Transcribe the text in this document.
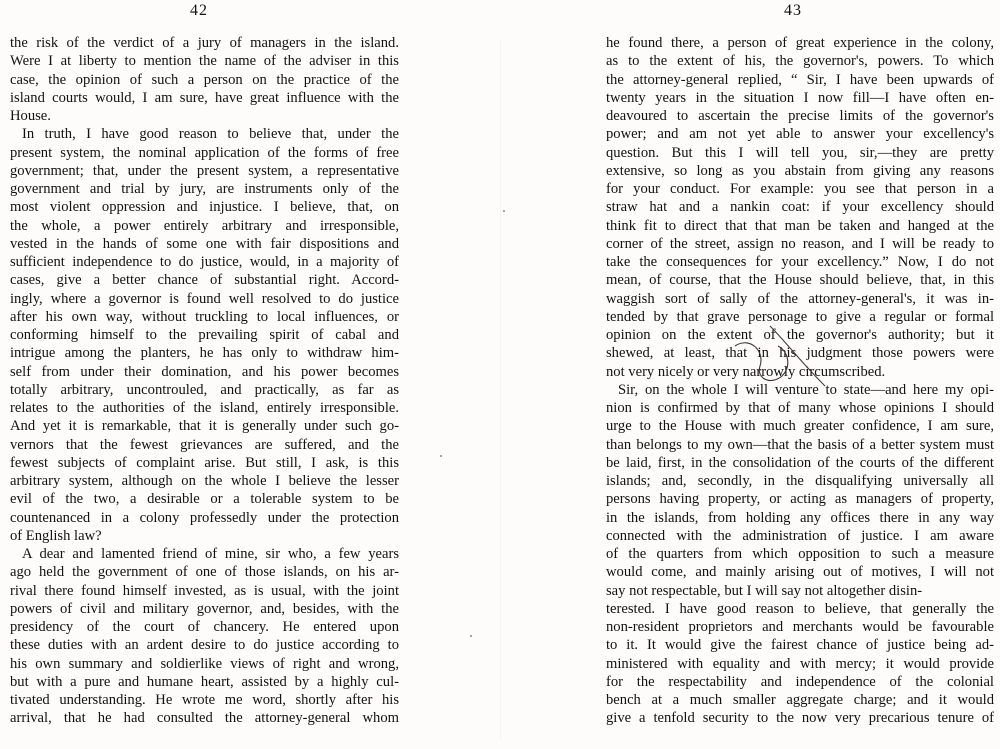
42
the risk of the verdict of a jury of managers in the island.
Were I at liberty to mention the name of the adviser in this
case, the opinion of such a person on the practice of the
island courts would, I am sure, have great influence with the
House.
In truth, I have good reason to believe that, under the
present system, the nominal application of the forms of free
government; that, under the present system, a representative
government and trial by jury, are instruments only of the
most violent oppression and injustice. I believe, that, on
the whole, a power entirely arbitrary and irresponsible,
vested in the hands of some one with fair dispositions and
sufficient independence to do justice, would, in a majority of
cases, give a better chance of substantial right. Accord-
ingly, where a governor is found well resolved to do justice
after his own way, without truckling to local influences, or
conforming himself to the prevailing spirit of cabal and
intrigue among the planters, he has only to withdraw him-
self from under their domination, and his power becomes
totally arbitrary, uncontrouled, and practically, as far as
relates to the authorities of the island, entirely irresponsible.
And yet it is remarkable, that it is generally under such go-
vernors that the fewest grievances are suffered, and the
fewest subjects of complaint arise. But still, I ask, is this
arbitrary system, although on the whole I believe the lesser
evil of the two, a desirable or a tolerable system to be
countenanced in a colony professedly under the protection
of English law?
A dear and lamented friend of mine, sir who, a few years
ago held the government of one of those islands, on his ar-
rival there found himself invested, as is usual, with the joint
powers of civil and military governor, and, besides, with the
presidency of the court of chancery. He entered upon
these duties with an ardent desire to do justice according to
his own summary and soldierlike views of right and wrong,
but with a pure and humane heart, assisted by a highly cul-
tivated understanding. He wrote me word, shortly after his
arrival, that he had consulted the attorney-general whom
43
he found there, a person of great experience in the colony,
as to the extent of his, the governor's, powers. To which
the attorney-general replied, “ Sir, I have been upwards of
twenty years in the situation I now fill—I have often en-
deavoured to ascertain the precise limits of the governor's
power; and am not yet able to answer your excellency's
question. But this I will tell you, sir,—they are pretty
extensive, so long as you abstain from giving any reasons
for your conduct. For example: you see that person in a
straw hat and a nankin coat: if your excellency should
think fit to direct that that man be taken and hanged at the
corner of the street, assign no reason, and I will be ready to
take the consequences for your excellency.” Now, I do not
mean, of course, that the House should believe, that, in this
waggish sort of sally of the attorney-general's, it was in-
tended by that grave personage to give a regular or formal
opinion on the extent of the governor's authority; but it
shewed, at least, that in his judgment those powers were
not very nicely or very narrowly circumscribed.
Sir, on the whole I will venture to state—and here my opi-
nion is confirmed by that of many whose opinions I should
urge to the House with much greater confidence, I am sure,
than belongs to my own—that the basis of a better system must
be laid, first, in the consolidation of the courts of the different
islands; and, secondly, in the disqualifying universally all
persons having property, or acting as managers of property,
in the islands, from holding any offices there in any way
connected with the administration of justice. I am aware
of the quarters from which opposition to such a measure
would come, and mainly arising out of motives, I will not
say not respectable, but I will say not altogether disin-
terested. I have good reason to believe, that generally the
non-resident proprietors and merchants would be favourable
to it. It would give the fairest chance of justice being ad-
ministered with equality and with mercy; it would provide
for the respectability and independence of the colonial
bench at a much smaller aggregate charge; and it would
give a tenfold security to the now very precarious tenure of
